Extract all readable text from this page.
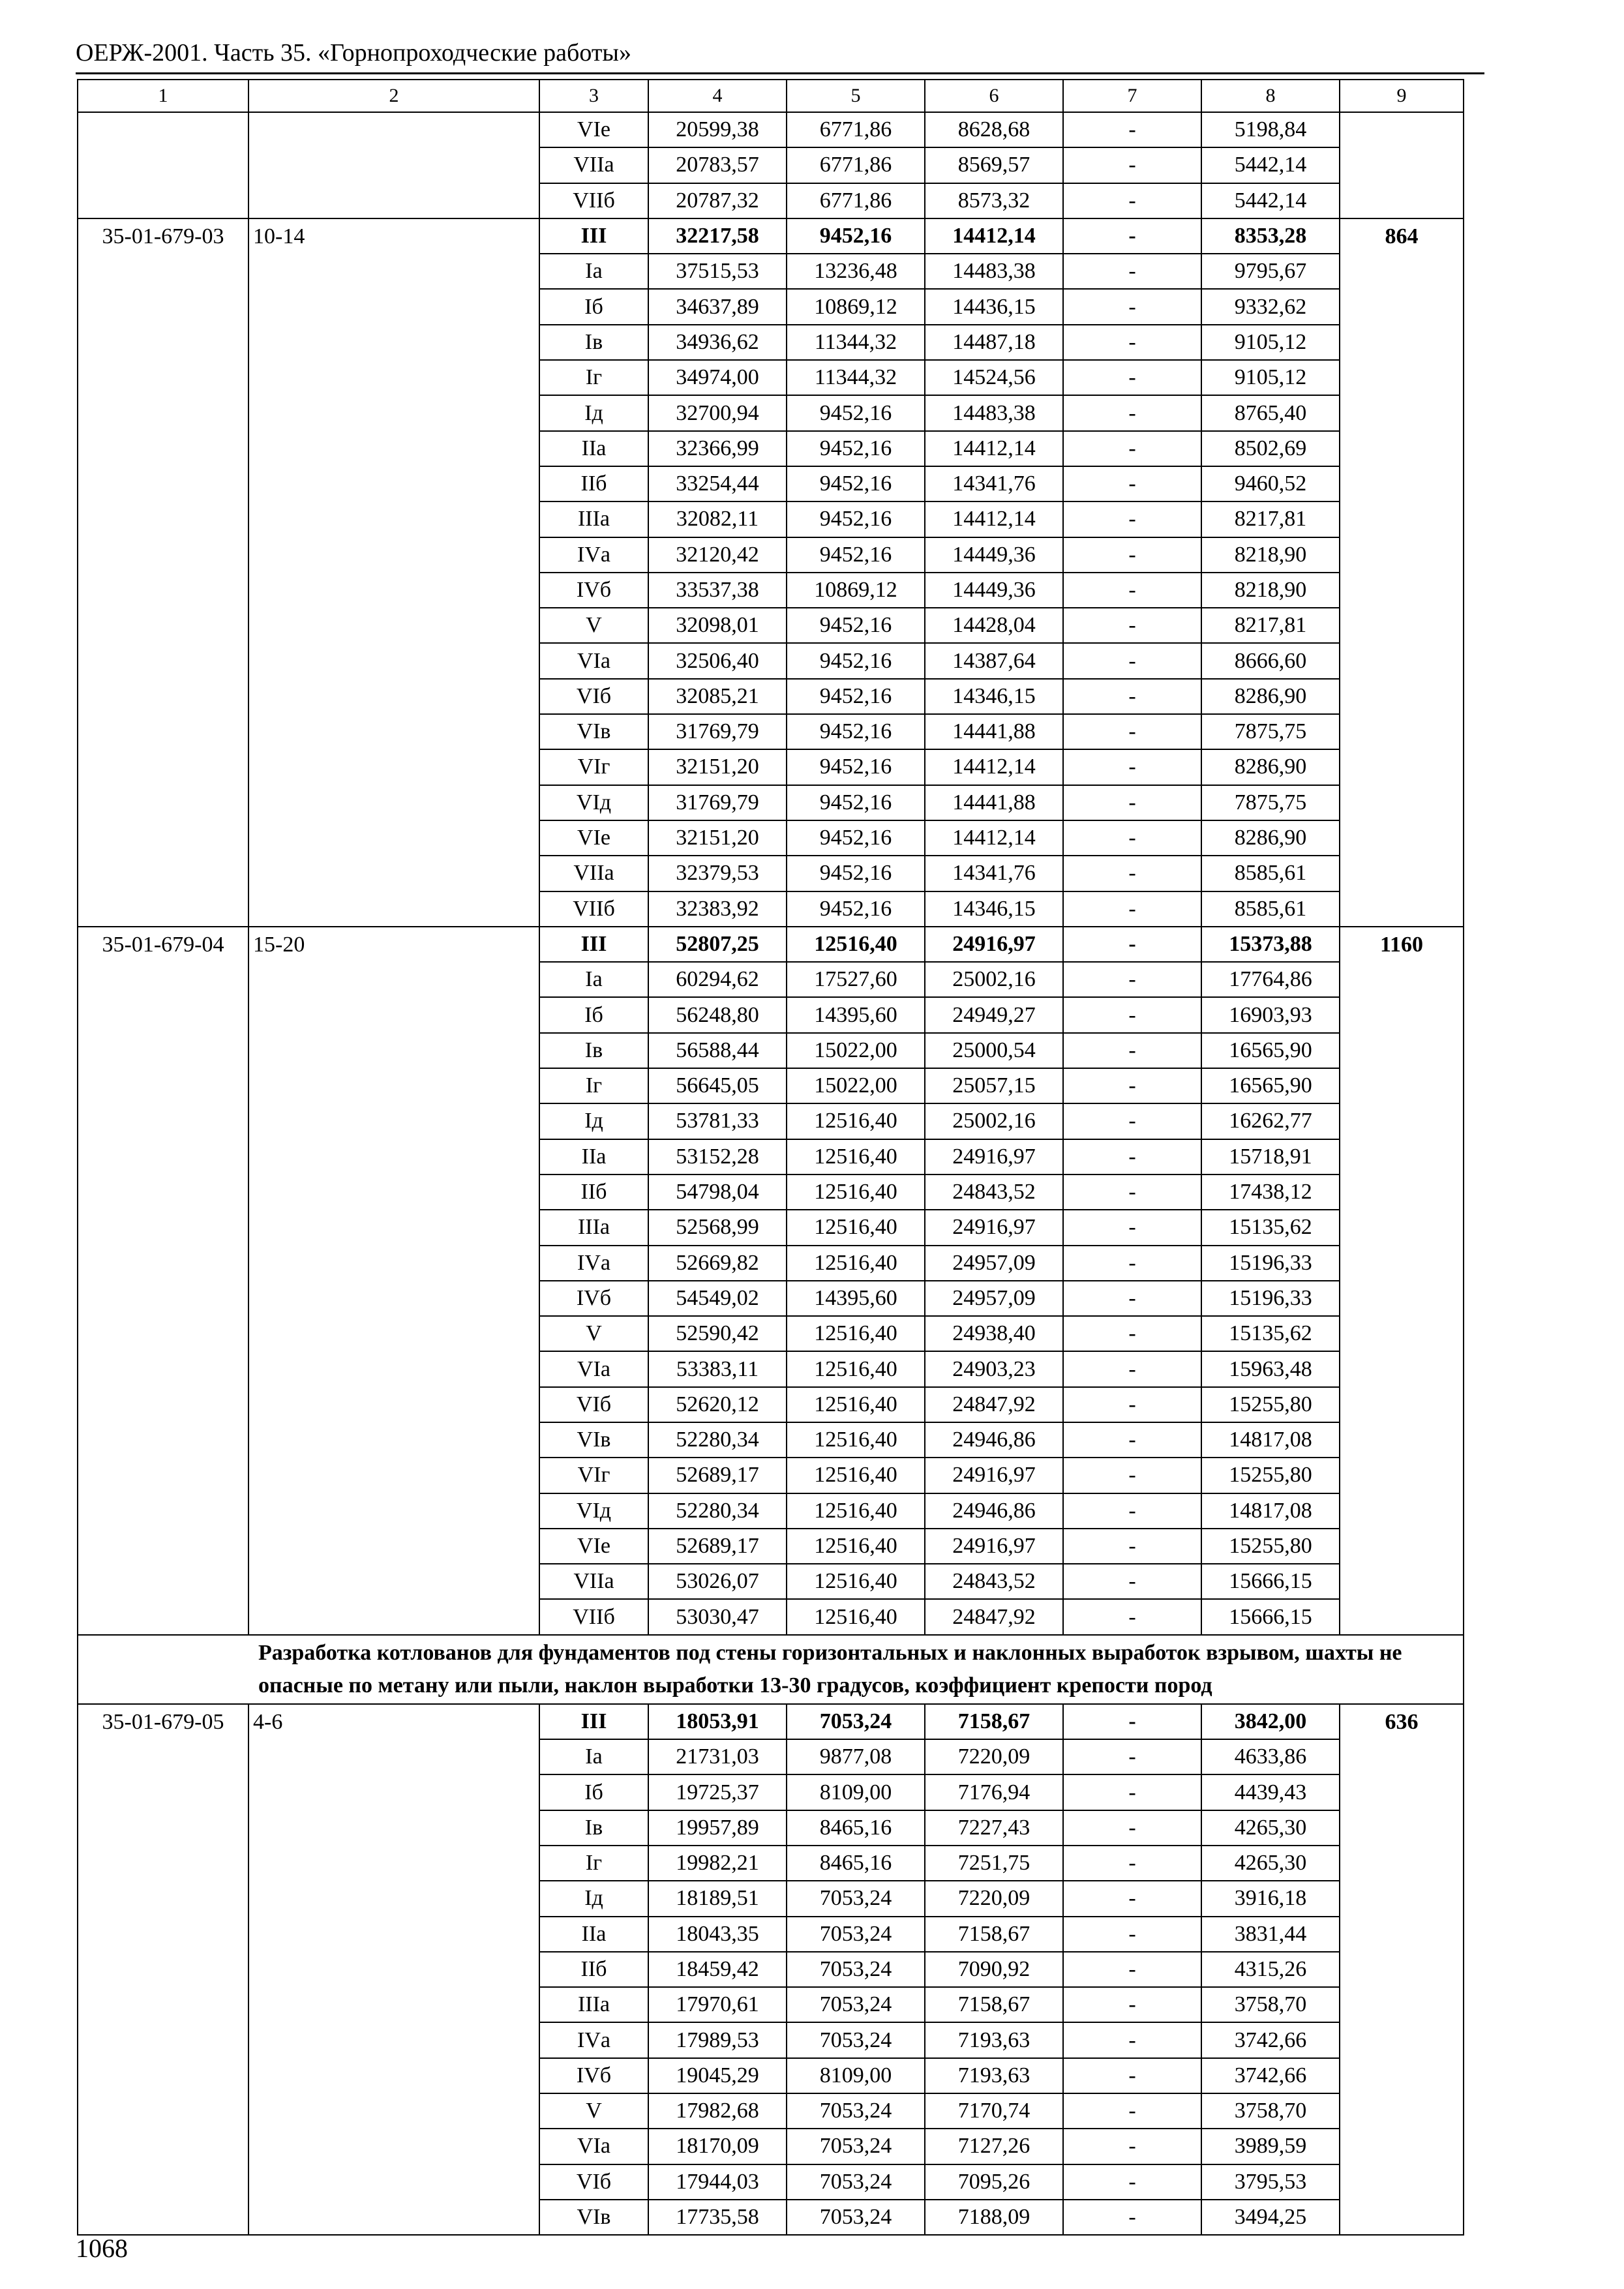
ОЕРЖ-2001. Часть 35. «Горнопроходческие работы»
1	2	3	4	5	6	7	8	9
		VIе	20599,38	6771,86	8628,68	-	5198,84	
		VIIа	20783,57	6771,86	8569,57	-	5442,14	
		VIIб	20787,32	6771,86	8573,32	-	5442,14	
35-01-679-03	10-14	III	32217,58	9452,16	14412,14	-	8353,28	864
		Iа	37515,53	13236,48	14483,38	-	9795,67	
		Iб	34637,89	10869,12	14436,15	-	9332,62	
		Iв	34936,62	11344,32	14487,18	-	9105,12	
		Iг	34974,00	11344,32	14524,56	-	9105,12	
		Iд	32700,94	9452,16	14483,38	-	8765,40	
		IIа	32366,99	9452,16	14412,14	-	8502,69	
		IIб	33254,44	9452,16	14341,76	-	9460,52	
		IIIа	32082,11	9452,16	14412,14	-	8217,81	
		IVа	32120,42	9452,16	14449,36	-	8218,90	
		IVб	33537,38	10869,12	14449,36	-	8218,90	
		V	32098,01	9452,16	14428,04	-	8217,81	
		VIа	32506,40	9452,16	14387,64	-	8666,60	
		VIб	32085,21	9452,16	14346,15	-	8286,90	
		VIв	31769,79	9452,16	14441,88	-	7875,75	
		VIг	32151,20	9452,16	14412,14	-	8286,90	
		VIд	31769,79	9452,16	14441,88	-	7875,75	
		VIе	32151,20	9452,16	14412,14	-	8286,90	
		VIIа	32379,53	9452,16	14341,76	-	8585,61	
		VIIб	32383,92	9452,16	14346,15	-	8585,61	
35-01-679-04	15-20	III	52807,25	12516,40	24916,97	-	15373,88	1160
		Iа	60294,62	17527,60	25002,16	-	17764,86	
		Iб	56248,80	14395,60	24949,27	-	16903,93	
		Iв	56588,44	15022,00	25000,54	-	16565,90	
		Iг	56645,05	15022,00	25057,15	-	16565,90	
		Iд	53781,33	12516,40	25002,16	-	16262,77	
		IIа	53152,28	12516,40	24916,97	-	15718,91	
		IIб	54798,04	12516,40	24843,52	-	17438,12	
		IIIа	52568,99	12516,40	24916,97	-	15135,62	
		IVа	52669,82	12516,40	24957,09	-	15196,33	
		IVб	54549,02	14395,60	24957,09	-	15196,33	
		V	52590,42	12516,40	24938,40	-	15135,62	
		VIа	53383,11	12516,40	24903,23	-	15963,48	
		VIб	52620,12	12516,40	24847,92	-	15255,80	
		VIв	52280,34	12516,40	24946,86	-	14817,08	
		VIг	52689,17	12516,40	24916,97	-	15255,80	
		VIд	52280,34	12516,40	24946,86	-	14817,08	
		VIе	52689,17	12516,40	24916,97	-	15255,80	
		VIIа	53026,07	12516,40	24843,52	-	15666,15	
		VIIб	53030,47	12516,40	24847,92	-	15666,15	
Разработка котлованов для фундаментов под стены горизонтальных и наклонных выработок взрывом, шахты не опасные по метану или пыли, наклон выработки 13-30 градусов, коэффициент крепости пород								
35-01-679-05	4-6	III	18053,91	7053,24	7158,67	-	3842,00	636
		Iа	21731,03	9877,08	7220,09	-	4633,86	
		Iб	19725,37	8109,00	7176,94	-	4439,43	
		Iв	19957,89	8465,16	7227,43	-	4265,30	
		Iг	19982,21	8465,16	7251,75	-	4265,30	
		Iд	18189,51	7053,24	7220,09	-	3916,18	
		IIа	18043,35	7053,24	7158,67	-	3831,44	
		IIб	18459,42	7053,24	7090,92	-	4315,26	
		IIIа	17970,61	7053,24	7158,67	-	3758,70	
		IVа	17989,53	7053,24	7193,63	-	3742,66	
		IVб	19045,29	8109,00	7193,63	-	3742,66	
		V	17982,68	7053,24	7170,74	-	3758,70	
		VIа	18170,09	7053,24	7127,26	-	3989,59	
		VIб	17944,03	7053,24	7095,26	-	3795,53	
		VIв	17735,58	7053,24	7188,09	-	3494,25	
1068
